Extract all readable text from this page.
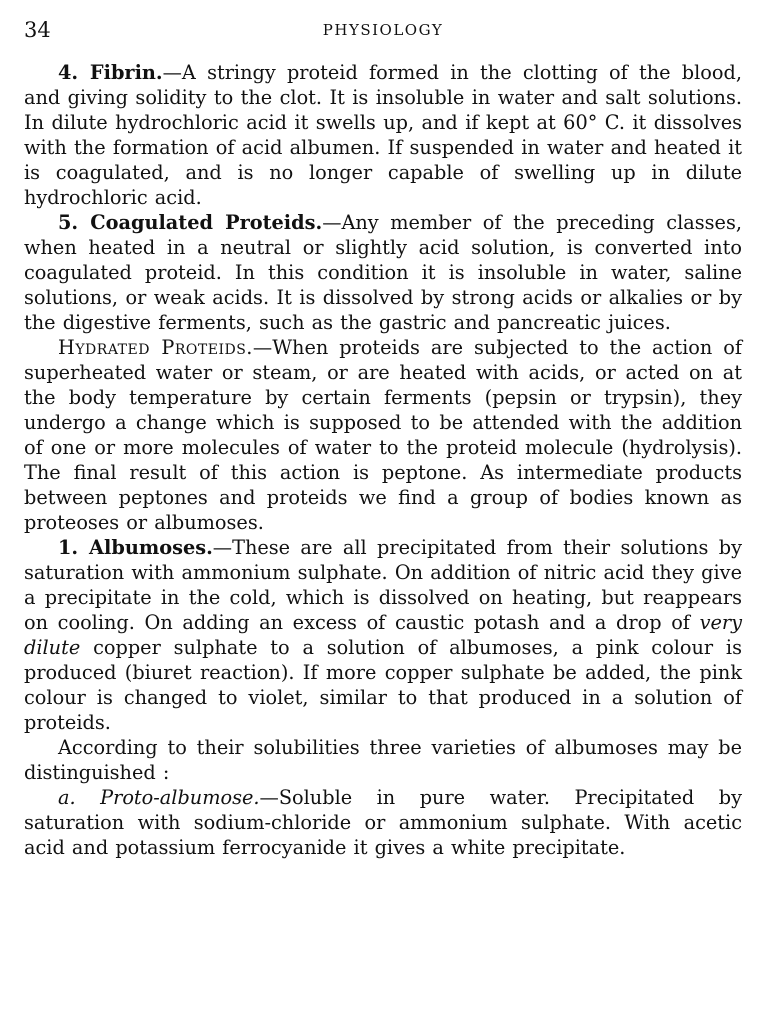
34	PHYSIOLOGY

4. Fibrin.—A stringy proteid formed in the clotting of the blood, and giving solidity to the clot. It is insoluble in water and salt solutions. In dilute hydrochloric acid it swells up, and if kept at 60° C. it dissolves with the formation of acid albumen. If suspended in water and heated it is coagulated, and is no longer capable of swelling up in dilute hydrochloric acid.

5. Coagulated Proteids.—Any member of the preceding classes, when heated in a neutral or slightly acid solution, is converted into coagulated proteid. In this condition it is insoluble in water, saline solutions, or weak acids. It is dissolved by strong acids or alkalies or by the digestive ferments, such as the gastric and pancreatic juices.

Hydrated Proteids.—When proteids are subjected to the action of superheated water or steam, or are heated with acids, or acted on at the body temperature by certain ferments (pepsin or trypsin), they undergo a change which is supposed to be attended with the addition of one or more molecules of water to the proteid molecule (hydrolysis). The final result of this action is peptone. As intermediate products between peptones and proteids we find a group of bodies known as proteoses or albumoses.

1. Albumoses.—These are all precipitated from their solutions by saturation with ammonium sulphate. On addition of nitric acid they give a precipitate in the cold, which is dissolved on heating, but reappears on cooling. On adding an excess of caustic potash and a drop of very dilute copper sulphate to a solution of albumoses, a pink colour is produced (biuret reaction). If more copper sulphate be added, the pink colour is changed to violet, similar to that produced in a solution of proteids.

According to their solubilities three varieties of albumoses may be distinguished :

a. Proto-albumose.—Soluble in pure water. Precipitated by saturation with sodium-chloride or ammonium sulphate. With acetic acid and potassium ferrocyanide it gives a white precipitate.
